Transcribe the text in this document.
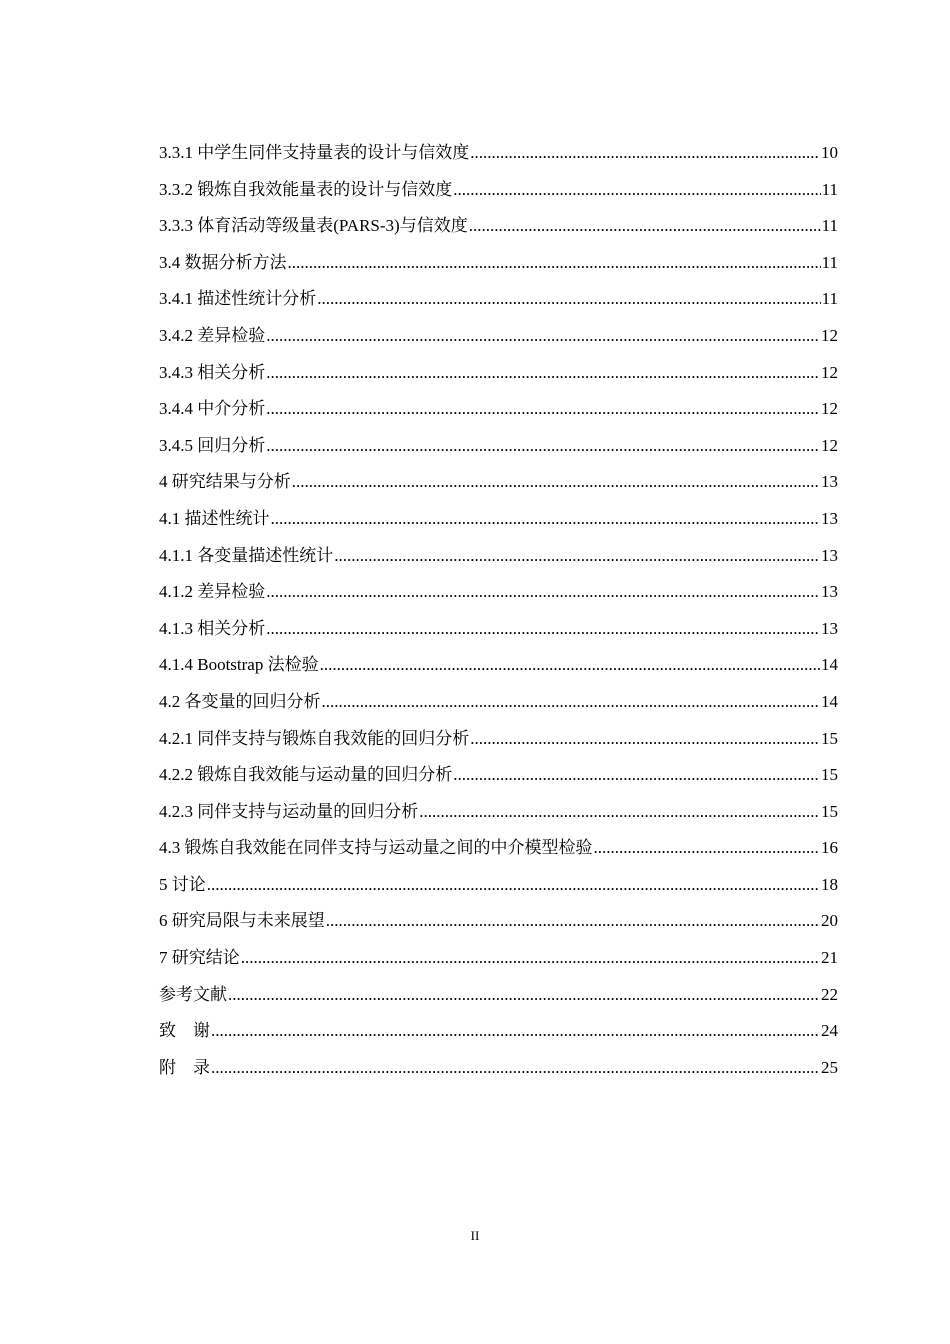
3.3.1 中学生同伴支持量表的设计与信效度 .....	10
3.3.2 锻炼自我效能量表的设计与信效度 .....	11
3.3.3 体育活动等级量表(PARS-3)与信效度 .....	11
3.4 数据分析方法 .....	11
3.4.1 描述性统计分析 .....	11
3.4.2 差异检验 .....	12
3.4.3 相关分析 .....	12
3.4.4 中介分析 .....	12
3.4.5 回归分析 .....	12
4 研究结果与分析 .....	13
4.1 描述性统计 .....	13
4.1.1 各变量描述性统计 .....	13
4.1.2 差异检验 .....	13
4.1.3 相关分析 .....	13
4.1.4 Bootstrap 法检验 .....	14
4.2 各变量的回归分析 .....	14
4.2.1 同伴支持与锻炼自我效能的回归分析 .....	15
4.2.2 锻炼自我效能与运动量的回归分析 .....	15
4.2.3 同伴支持与运动量的回归分析 .....	15
4.3 锻炼自我效能在同伴支持与运动量之间的中介模型检验 .....	16
5 讨论 .....	18
6 研究局限与未来展望 .....	20
7 研究结论 .....	21
参考文献 .....	22
致　谢 .....	24
附　录 .....	25
II
